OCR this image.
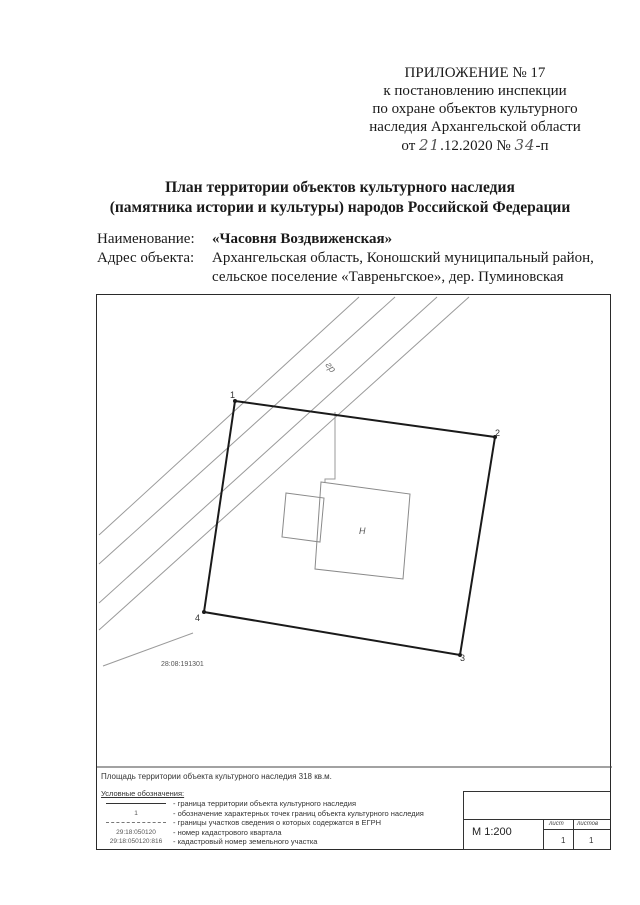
ПРИЛОЖЕНИЕ № 17
к постановлению инспекции
по охране объектов культурного
наследия Архангельской области
от 21.12.2020 № 34-п
План территории объектов культурного наследия
(памятника истории и культуры) народов Российской Федерации
Наименование:	«Часовня Воздвиженская»
Адрес объекта:	Архангельская область, Коношский муниципальный район,
сельское поселение «Тавреньгское», дер. Пуминовская
1
2
3
4
гр
Н
28:08:191301
Площадь территории объекта культурного наследия 318 кв.м.
Условные обозначения:
- граница территории объекта культурного наследия
1	- обозначение характерных точек границ объекта культурного наследия
- границы участков сведения о которых содержатся в ЕГРН
29:18:050120	- номер кадастрового квартала
29:18:050120:816	- кадастровый номер земельного участка
М 1:200
лист листов
1	1
